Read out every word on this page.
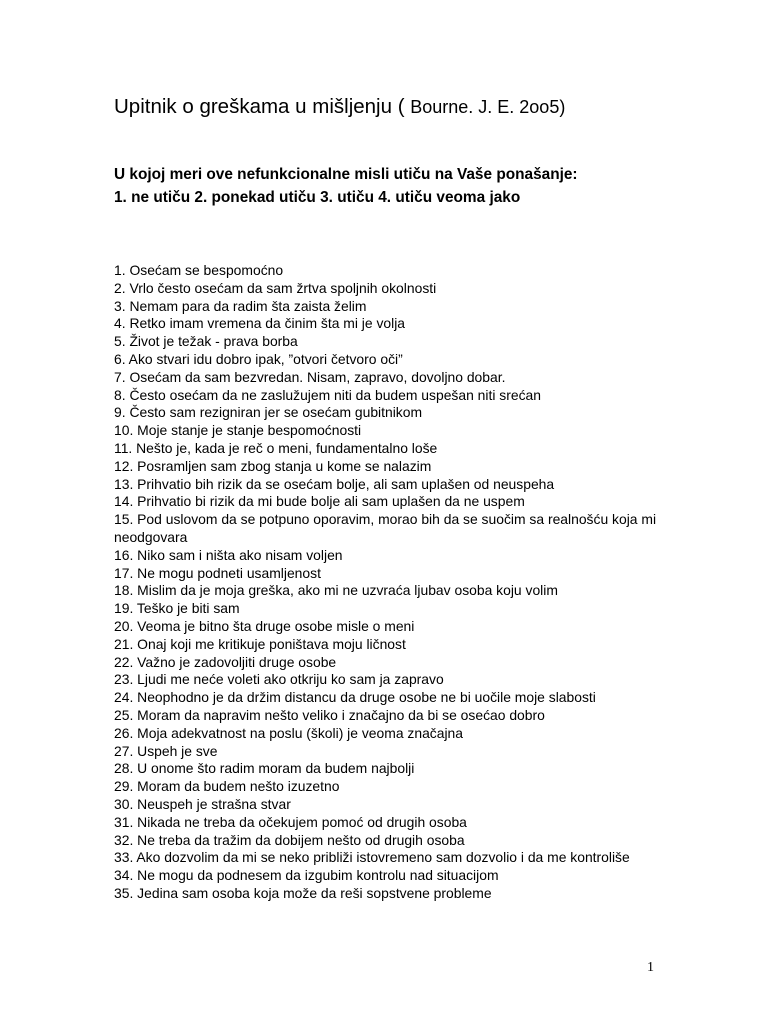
Upitnik o greškama u mišljenju ( Bourne. J. E. 2oo5)
U kojoj meri ove nefunkcionalne misli utiču na Vaše ponašanje:
1. ne utiču 2. ponekad utiču 3. utiču 4. utiču veoma jako
1. Osećam se bespomoćno
2. Vrlo često osećam da sam žrtva spoljnih okolnosti
3. Nemam para da radim šta zaista želim
4. Retko imam vremena da činim šta mi je volja
5. Život je težak - prava borba
6. Ako stvari idu dobro ipak, ”otvori četvoro oči”
7. Osećam da sam bezvredan. Nisam, zapravo, dovoljno dobar.
8. Često osećam da ne zaslužujem niti da budem uspešan niti srećan
9. Često sam rezigniran jer se osećam gubitnikom
10. Moje stanje je stanje bespomoćnosti
11. Nešto je, kada je reč o meni, fundamentalno loše
12. Posramljen sam zbog stanja u kome se nalazim
13. Prihvatio bih rizik da se osećam bolje, ali sam uplašen od neuspeha
14. Prihvatio bi rizik da mi bude bolje ali sam uplašen da ne uspem
15. Pod uslovom da se potpuno oporavim, morao bih da se suočim sa realnošću koja mi neodgovara
16. Niko sam i ništa ako nisam voljen
17. Ne mogu podneti usamljenost
18. Mislim da je moja greška, ako mi ne uzvraća ljubav osoba koju volim
19. Teško je biti sam
20. Veoma je bitno šta druge osobe misle o meni
21. Onaj koji me kritikuje poništava moju ličnost
22. Važno je zadovoljiti druge osobe
23. Ljudi me neće voleti ako otkriju ko sam ja zapravo
24. Neophodno je da držim distancu da druge osobe ne bi uočile moje slabosti
25. Moram da napravim nešto veliko i značajno da bi se osećao dobro
26. Moja adekvatnost na poslu (školi) je veoma značajna
27. Uspeh je sve
28. U onome što radim moram da budem najbolji
29. Moram da budem nešto izuzetno
30. Neuspeh je strašna stvar
31. Nikada ne treba da očekujem pomoć od drugih osoba
32. Ne treba da tražim da dobijem nešto od drugih osoba
33. Ako dozvolim da mi se neko približi istovremeno sam dozvolio i da me kontroliše
34. Ne mogu da podnesem da izgubim kontrolu nad situacijom
35. Jedina sam osoba koja može da reši sopstvene probleme
1
